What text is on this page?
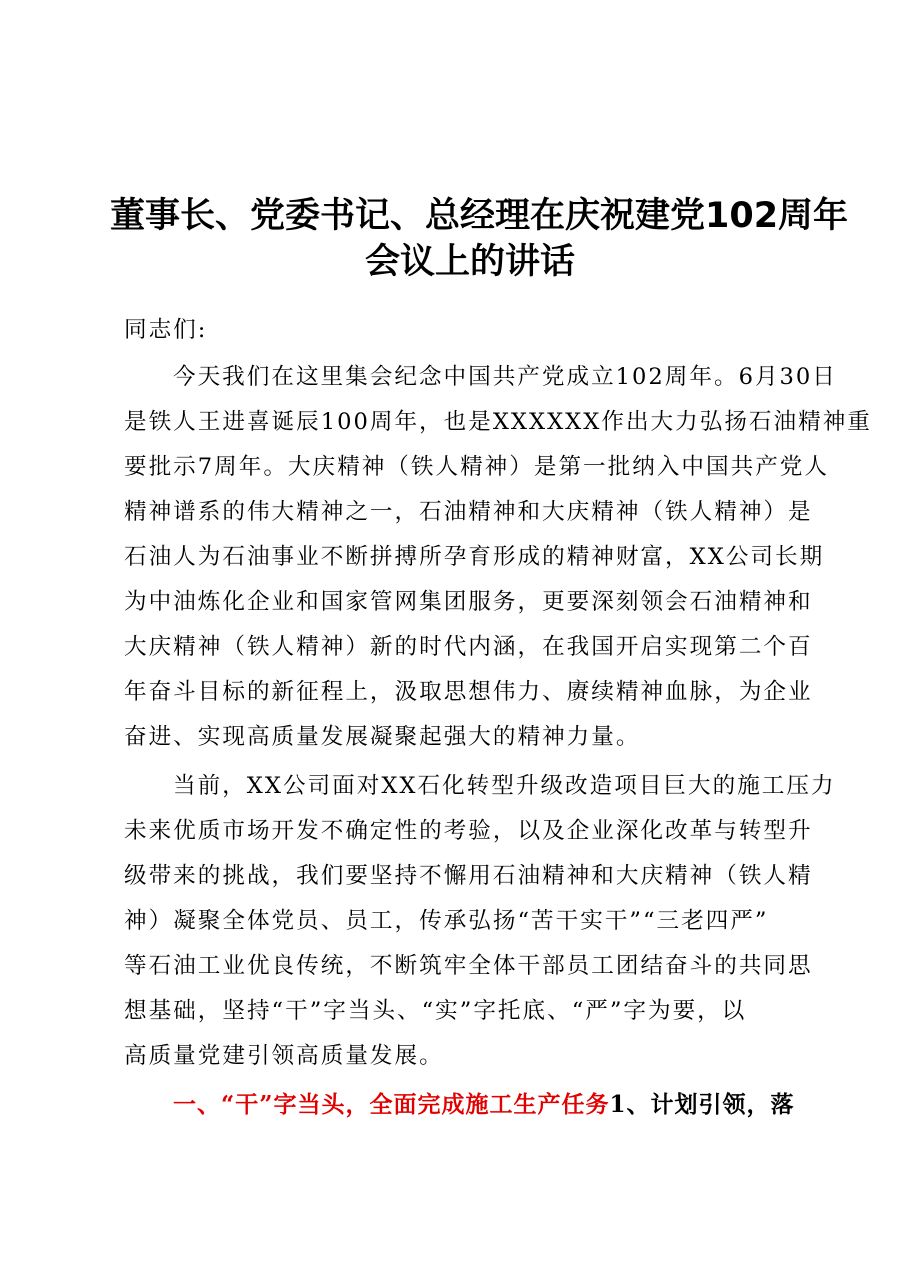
董事长、党委书记、总经理在庆祝建党102周年
会议上的讲话
同志们:
今天我们在这里集会纪念中国共产党成立102周年。6月30日
是铁人王进喜诞辰100周年，也是XXXXXX作出大力弘扬石油精神重
要批示7周年。大庆精神（铁人精神）是第一批纳入中国共产党人
精神谱系的伟大精神之一，石油精神和大庆精神（铁人精神）是
石油人为石油事业不断拼搏所孕育形成的精神财富，XX公司长期
为中油炼化企业和国家管网集团服务，更要深刻领会石油精神和
大庆精神（铁人精神）新的时代内涵，在我国开启实现第二个百
年奋斗目标的新征程上，汲取思想伟力、赓续精神血脉，为企业
奋进、实现高质量发展凝聚起强大的精神力量。
当前，XX公司面对XX石化转型升级改造项目巨大的施工压力
未来优质市场开发不确定性的考验，以及企业深化改革与转型升
级带来的挑战，我们要坚持不懈用石油精神和大庆精神（铁人精
神）凝聚全体党员、员工，传承弘扬“苦干实干”“三老四严”
等石油工业优良传统，不断筑牢全体干部员工团结奋斗的共同思
想基础，坚持“干”字当头、“实”字托底、“严”字为要，以
高质量党建引领高质量发展。
一、“干”字当头，全面完成施工生产任务1、计划引领，落
